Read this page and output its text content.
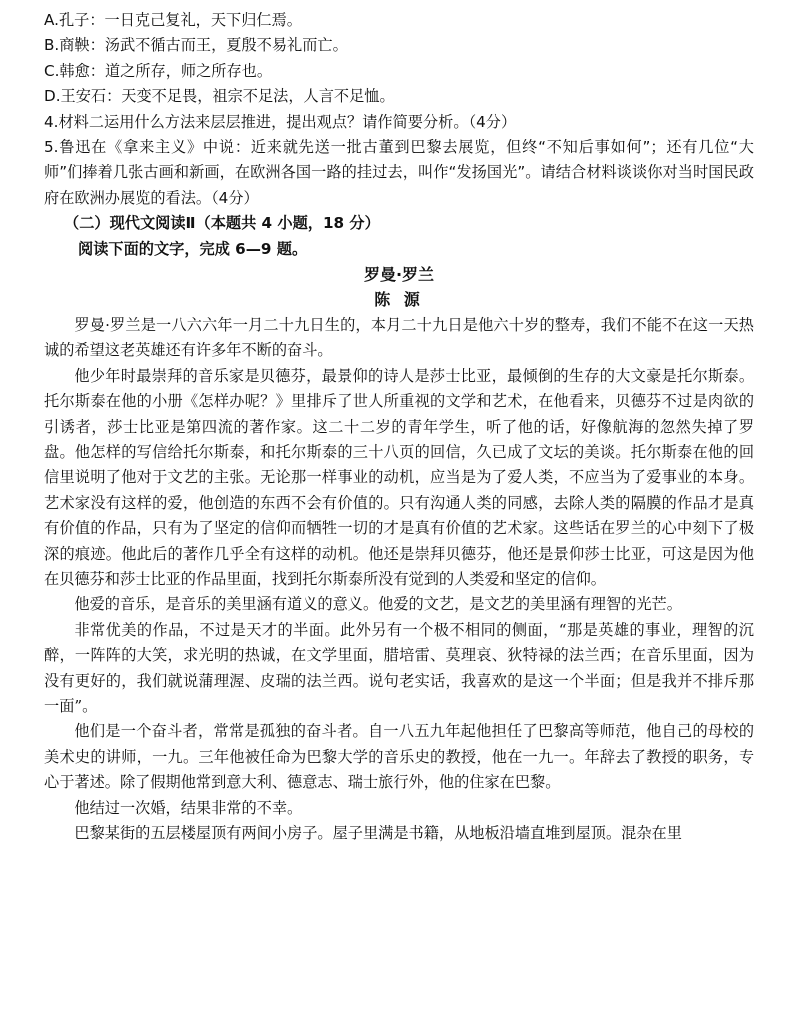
A.孔子：一日克己复礼，天下归仁焉。
B.商鞅：汤武不循古而王，夏殷不易礼而亡。
C.韩愈：道之所存，师之所存也。
D.王安石：天变不足畏，祖宗不足法，人言不足恤。
4.材料二运用什么方法来层层推进，提出观点？请作简要分析。（4分）
5.鲁迅在《拿来主义》中说：近来就先送一批古董到巴黎去展览，但终“不知后事如何”；还有几位“大师”们捧着几张古画和新画，在欧洲各国一路的挂过去，叫作“发扬国光”。请结合材料谈谈你对当时国民政府在欧洲办展览的看法。（4分）
（二）现代文阅读Ⅱ（本题共 4 小题，18 分）
阅读下面的文字，完成 6—9 题。
罗曼·罗兰
陈 源
罗曼·罗兰是一八六六年一月二十九日生的，本月二十九日是他六十岁的整寿，我们不能不在这一天热诚的希望这老英雄还有许多年不断的奋斗。
他少年时最崇拜的音乐家是贝德芬，最景仰的诗人是莎士比亚，最倾倒的生存的大文豪是托尔斯泰。托尔斯泰在他的小册《怎样办呢？》里排斥了世人所重视的文学和艺术，在他看来，贝德芬不过是肉欲的引诱者，莎士比亚是第四流的著作家。这二十二岁的青年学生，听了他的话，好像航海的忽然失掉了罗盘。他怎样的写信给托尔斯泰，和托尔斯泰的三十八页的回信，久已成了文坛的美谈。托尔斯泰在他的回信里说明了他对于文艺的主张。无论那一样事业的动机，应当是为了爱人类，不应当为了爱事业的本身。艺术家没有这样的爱，他创造的东西不会有价值的。只有沟通人类的同感，去除人类的隔膜的作品才是真有价值的作品，只有为了坚定的信仰而牺牲一切的才是真有价值的艺术家。这些话在罗兰的心中刻下了极深的痕迹。他此后的著作几乎全有这样的动机。他还是崇拜贝德芬，他还是景仰莎士比亚，可这是因为他在贝德芬和莎士比亚的作品里面，找到托尔斯泰所没有觉到的人类爱和坚定的信仰。
他爱的音乐，是音乐的美里涵有道义的意义。他爱的文艺，是文艺的美里涵有理智的光芒。
非常优美的作品，不过是天才的半面。此外另有一个极不相同的侧面，“那是英雄的事业，理智的沉醉，一阵阵的大笑，求光明的热诚，在文学里面，腊培雷、莫理哀、狄特禄的法兰西；在音乐里面，因为没有更好的，我们就说蒲理渥、皮瑞的法兰西。说句老实话，我喜欢的是这一个半面；但是我并不排斥那一面”。
他们是一个奋斗者，常常是孤独的奋斗者。自一八五九年起他担任了巴黎高等师范，他自己的母校的美术史的讲师，一九。三年他被任命为巴黎大学的音乐史的教授，他在一九一。年辞去了教授的职务，专心于著述。除了假期他常到意大利、德意志、瑞士旅行外，他的住家在巴黎。
他结过一次婚，结果非常的不幸。
巴黎某街的五层楼屋顶有两间小房子。屋子里满是书籍，从地板沿墙直堆到屋顶。混杂在里
